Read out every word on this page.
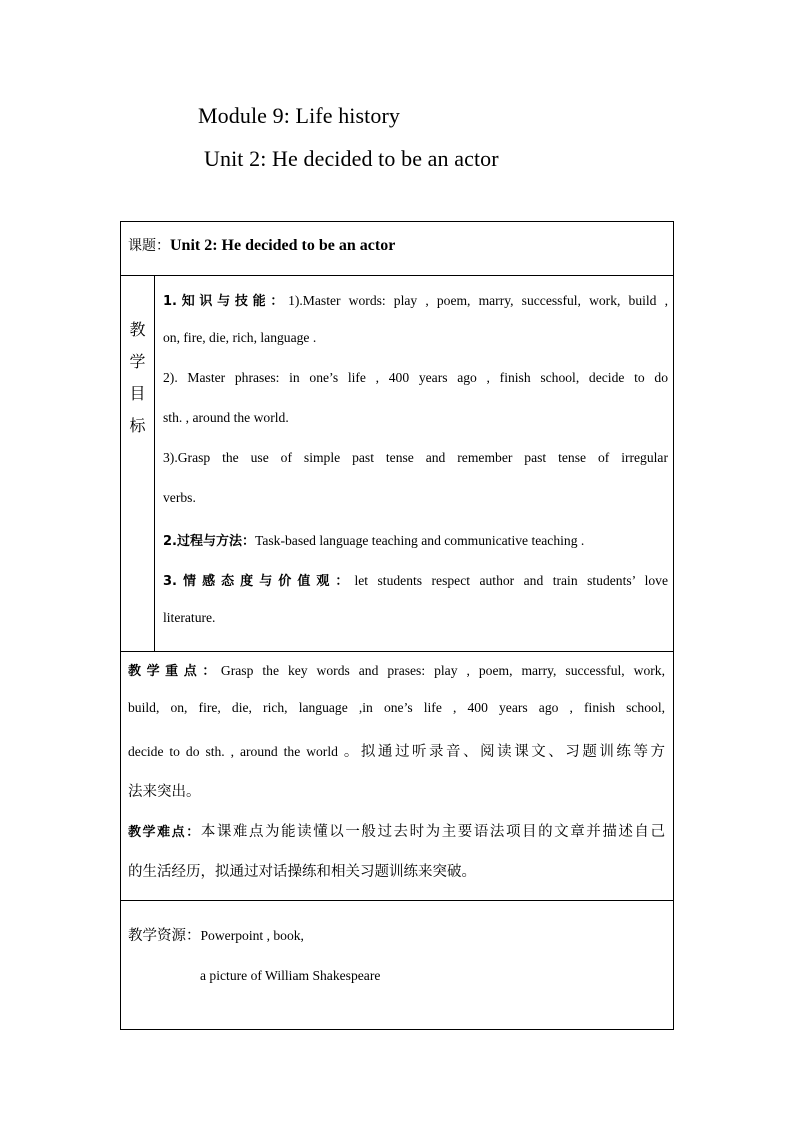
Module 9: Life history
Unit 2: He decided to be an actor
课题：Unit 2: He decided to be an actor

教
学
目
标

1.知识与技能：1).Master words: play , poem, marry, successful, work, build ,
on, fire, die, rich, language .
2). Master phrases: in one’s life , 400 years ago , finish school, decide to do
sth. , around the world.
3).Grasp the use of simple past tense and remember past tense of irregular
verbs.
2.过程与方法：Task-based language teaching and communicative teaching .
3.情感态度与价值观：let students respect author and train students’ love
literature.

教学重点：Grasp the key words and prases: play , poem, marry, successful, work,
build, on, fire, die, rich, language ,in one’s life , 400 years ago , finish school,
decide to do sth. , around the world 。拟通过听录音、阅读课文、习题训练等方
法来突出。
教学难点：本课难点为能读懂以一般过去时为主要语法项目的文章并描述自己
的生活经历，拟通过对话操练和相关习题训练来突破。

教学资源：Powerpoint , book,
a picture of William Shakespeare
